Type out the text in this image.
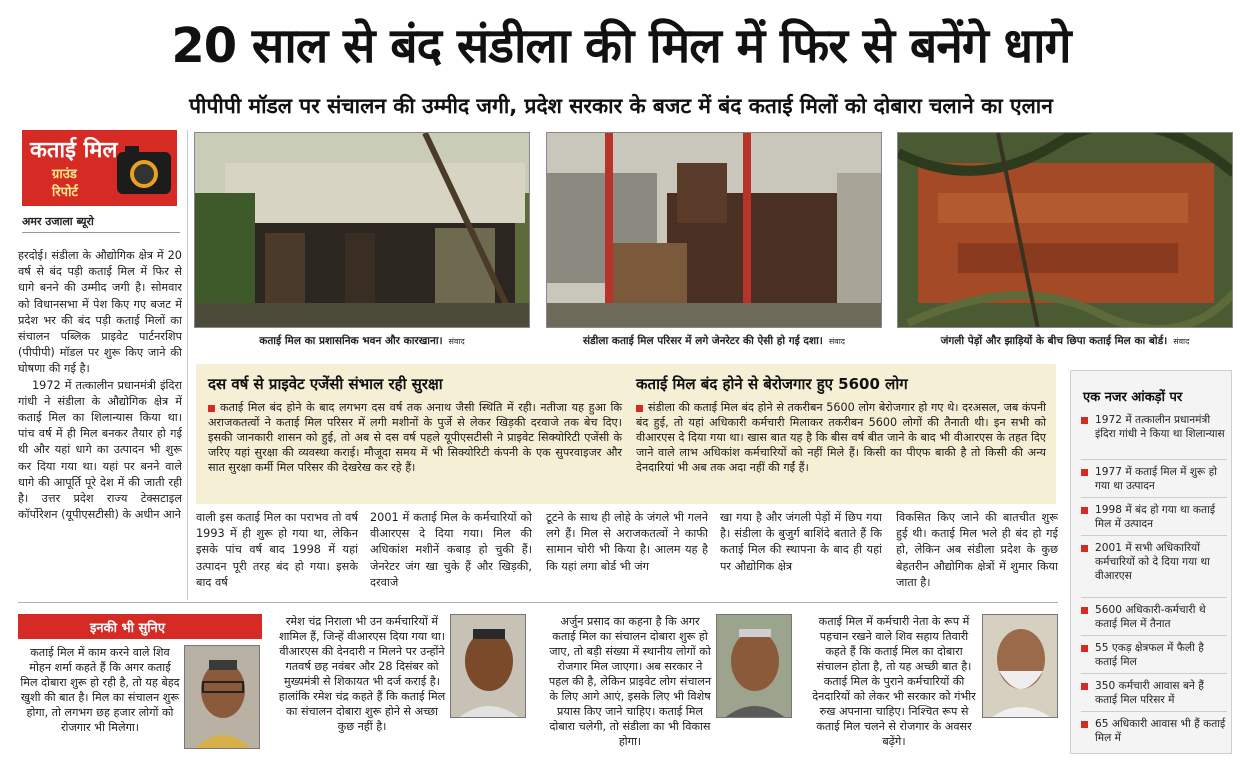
20 साल से बंद संडीला की मिल में फिर से बनेंगे धागे
पीपीपी मॉडल पर संचालन की उम्मीद जगी, प्रदेश सरकार के बजट में बंद कताई मिलों को दोबारा चलाने का एलान
कताई मिल
ग्राउंड
रिपोर्ट
अमर उजाला ब्यूरो

हरदोई। संडीला के औद्योगिक क्षेत्र में 20 वर्ष से बंद पड़ी कताई मिल में फिर से धागे बनने की उम्मीद जगी है। सोमवार को विधानसभा में पेश किए गए बजट में प्रदेश भर की बंद पड़ी कताई मिलों का संचालन पब्लिक प्राइवेट पार्टनरशिप (पीपीपी) मॉडल पर शुरू किए जाने की घोषणा की गई है।

1972 में तत्कालीन प्रधानमंत्री इंदिरा गांधी ने संडीला के औद्योगिक क्षेत्र में कताई मिल का शिलान्यास किया था। पांच वर्ष में ही मिल बनकर तैयार हो गई थी और यहां धागे का उत्पादन भी शुरू कर दिया गया था। यहां पर बनने वाले धागे की आपूर्ति पूरे देश में की जाती रही है। उत्तर प्रदेश राज्य टेक्सटाइल कॉर्पोरेशन (यूपीएसटीसी) के अधीन आने

कताई मिल का प्रशासनिक भवन और कारखाना। संवाद	संडीला कताई मिल परिसर में लगे जेनरेटर की ऐसी हो गई दशा। संवाद	जंगली पेड़ों और झाड़ियों के बीच छिपा कताई मिल का बोर्ड। संवाद
दस वर्ष से प्राइवेट एजेंसी संभाल रही सुरक्षा
कताई मिल बंद होने के बाद लगभग दस वर्ष तक अनाथ जैसी स्थिति में रही। नतीजा यह हुआ कि अराजकतत्वों ने कताई मिल परिसर में लगी मशीनों के पुर्जे से लेकर खिड़की दरवाजे तक बेच दिए। इसकी जानकारी शासन को हुई, तो अब से दस वर्ष पहले यूपीएसटीसी ने प्राइवेट सिक्योरिटी एजेंसी के जरिए यहां सुरक्षा की व्यवस्था कराई। मौजूदा समय में भी सिक्योरिटी कंपनी के एक सुपरवाइजर और सात सुरक्षा कर्मी मिल परिसर की देखरेख कर रहे हैं।
कताई मिल बंद होने से बेरोजगार हुए 5600 लोग
संडीला की कताई मिल बंद होने से तकरीबन 5600 लोग बेरोजगार हो गए थे। दरअसल, जब कंपनी बंद हुई, तो यहां अधिकारी कर्मचारी मिलाकर तकरीबन 5600 लोगों की तैनाती थी। इन सभी को वीआरएस दे दिया गया था। खास बात यह है कि बीस वर्ष बीत जाने के बाद भी वीआरएस के तहत दिए जाने वाले लाभ अधिकांश कर्मचारियों को नहीं मिले हैं। किसी का पीएफ बाकी है तो किसी की अन्य देनदारियां भी अब तक अदा नहीं की गईं हैं।
वाली इस कताई मिल का पराभव तो वर्ष 1993 में ही शुरू हो गया था, लेकिन इसके पांच वर्ष बाद 1998 में यहां उत्पादन पूरी तरह बंद हो गया। इसके बाद वर्ष
2001 में कताई मिल के कर्मचारियों को वीआरएस दे दिया गया। मिल की अधिकांश मशीनें कबाड़ हो चुकी हैं। जेनरेटर जंग खा चुके हैं और खिड़की, दरवाजे
टूटने के साथ ही लोहे के जंगले भी गलने लगे हैं। मिल से अराजकतत्वों ने काफी सामान चोरी भी किया है। आलम यह है कि यहां लगा बोर्ड भी जंग
खा गया है और जंगली पेड़ों में छिप गया है। संडीला के बुजुर्ग बाशिंदे बताते हैं कि कताई मिल की स्थापना के बाद ही यहां पर औद्योगिक क्षेत्र
विकसित किए जाने की बातचीत शुरू हुई थी। कताई मिल भले ही बंद हो गई हो, लेकिन अब संडीला प्रदेश के कुछ बेहतरीन औद्योगिक क्षेत्रों में शुमार किया जाता है।
एक नजर आंकड़ों पर
1972 में तत्कालीन प्रधानमंत्री इंदिरा गांधी ने किया था शिलान्यास
1977 में कताई मिल में शुरू हो गया था उत्पादन
1998 में बंद हो गया था कताई मिल में उत्पादन
2001 में सभी अधिकारियों कर्मचारियों को दे दिया गया था वीआरएस
5600 अधिकारी-कर्मचारी थे कताई मिल में तैनात
55 एकड़ क्षेत्रफल में फैली है कताई मिल
350 कर्मचारी आवास बने हैं कताई मिल परिसर में
65 अधिकारी आवास भी हैं कताई मिल में
इनकी भी सुनिए
कताई मिल में काम करने वाले शिव मोहन शर्मा कहते हैं कि अगर कताई मिल दोबारा शुरू हो रही है, तो यह बेहद खुशी की बात है। मिल का संचालन शुरू होगा, तो लगभग छह हजार लोगों को रोजगार भी मिलेगा।
रमेश चंद्र निराला भी उन कर्मचारियों में शामिल हैं, जिन्हें वीआरएस दिया गया था। वीआरएस की देनदारी न मिलने पर उन्होंने गतवर्ष छह नवंबर और 28 दिसंबर को मुख्यमंत्री से शिकायत भी दर्ज कराई है। हालांकि रमेश चंद्र कहते हैं कि कताई मिल का संचालन दोबारा शुरू होने से अच्छा कुछ नहीं है।
अर्जुन प्रसाद का कहना है कि अगर कताई मिल का संचालन दोबारा शुरू हो जाए, तो बड़ी संख्या में स्थानीय लोगों को रोजगार मिल जाएगा। अब सरकार ने पहल की है, लेकिन प्राइवेट लोग संचालन के लिए आगे आएं, इसके लिए भी विशेष प्रयास किए जाने चाहिए। कताई मिल दोबारा चलेगी, तो संडीला का भी विकास होगा।
कताई मिल में कर्मचारी नेता के रूप में पहचान रखने वाले शिव सहाय तिवारी कहते हैं कि कताई मिल का दोबारा संचालन होता है, तो यह अच्छी बात है। कताई मिल के पुराने कर्मचारियों की देनदारियों को लेकर भी सरकार को गंभीर रुख अपनाना चाहिए। निश्चित रूप से कताई मिल चलने से रोजगार के अवसर बढ़ेंगे।
